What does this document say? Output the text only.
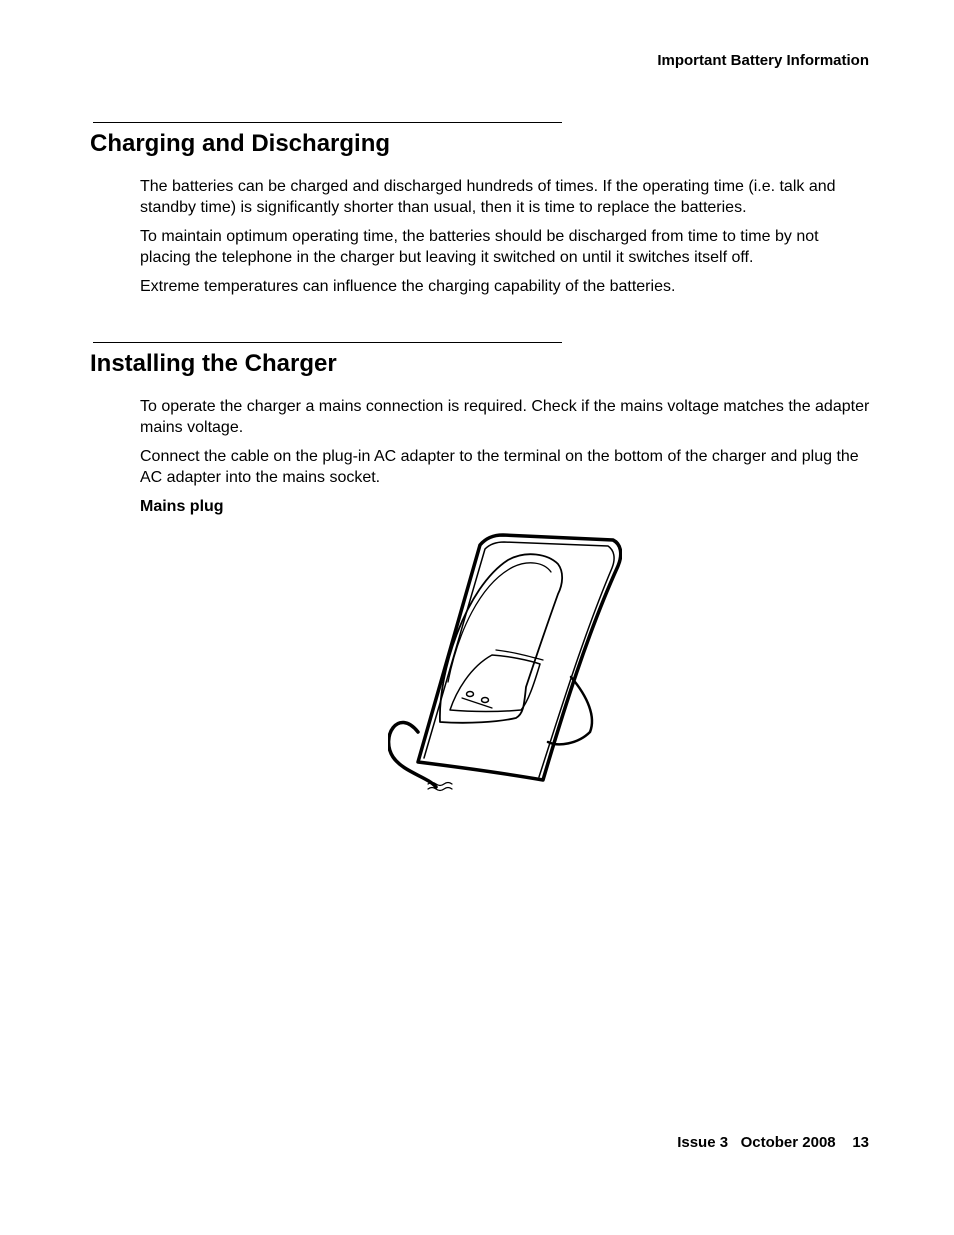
Important Battery Information
Charging and Discharging

The batteries can be charged and discharged hundreds of times. If the operating time (i.e. talk and standby time) is significantly shorter than usual, then it is time to replace the batteries.

To maintain optimum operating time, the batteries should be discharged from time to time by not placing the telephone in the charger but leaving it switched on until it switches itself off.

Extreme temperatures can influence the charging capability of the batteries.

Installing the Charger

To operate the charger a mains connection is required. Check if the mains voltage matches the adapter mains voltage.

Connect the cable on the plug-in AC adapter to the terminal on the bottom of the charger and plug the AC adapter into the mains socket.

Mains plug

Issue 3 October 2008 13
